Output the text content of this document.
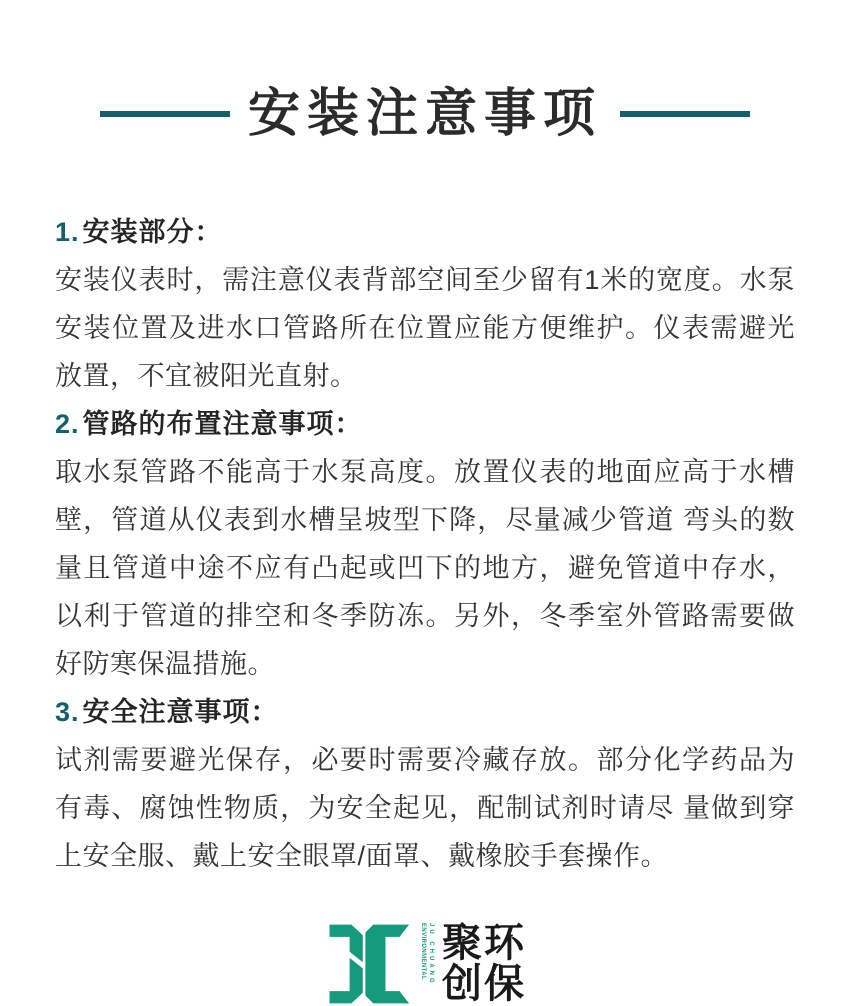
安装注意事项
1. 安装部分：

安装仪表时，需注意仪表背部空间至少留有1米的宽度。水泵安装位置及进水口管路所在位置应能方便维护。仪表需避光放置，不宜被阳光直射。

2. 管路的布置注意事项：

取水泵管路不能高于水泵高度。放置仪表的地面应高于水槽壁，管道从仪表到水槽呈坡型下降，尽量减少管道 弯头的数量且管道中途不应有凸起或凹下的地方，避免管道中存水，以利于管道的排空和冬季防冻。另外，冬季室外管路需要做好防寒保温措施。

3. 安全注意事项：

试剂需要避光保存，必要时需要冷藏存放。部分化学药品为有毒、腐蚀性物质，为安全起见，配制试剂时请尽 量做到穿上安全服、戴上安全眼罩/面罩、戴橡胶手套操作。

JU CHUANG
ENVIRONMENTAL 聚环
创保
